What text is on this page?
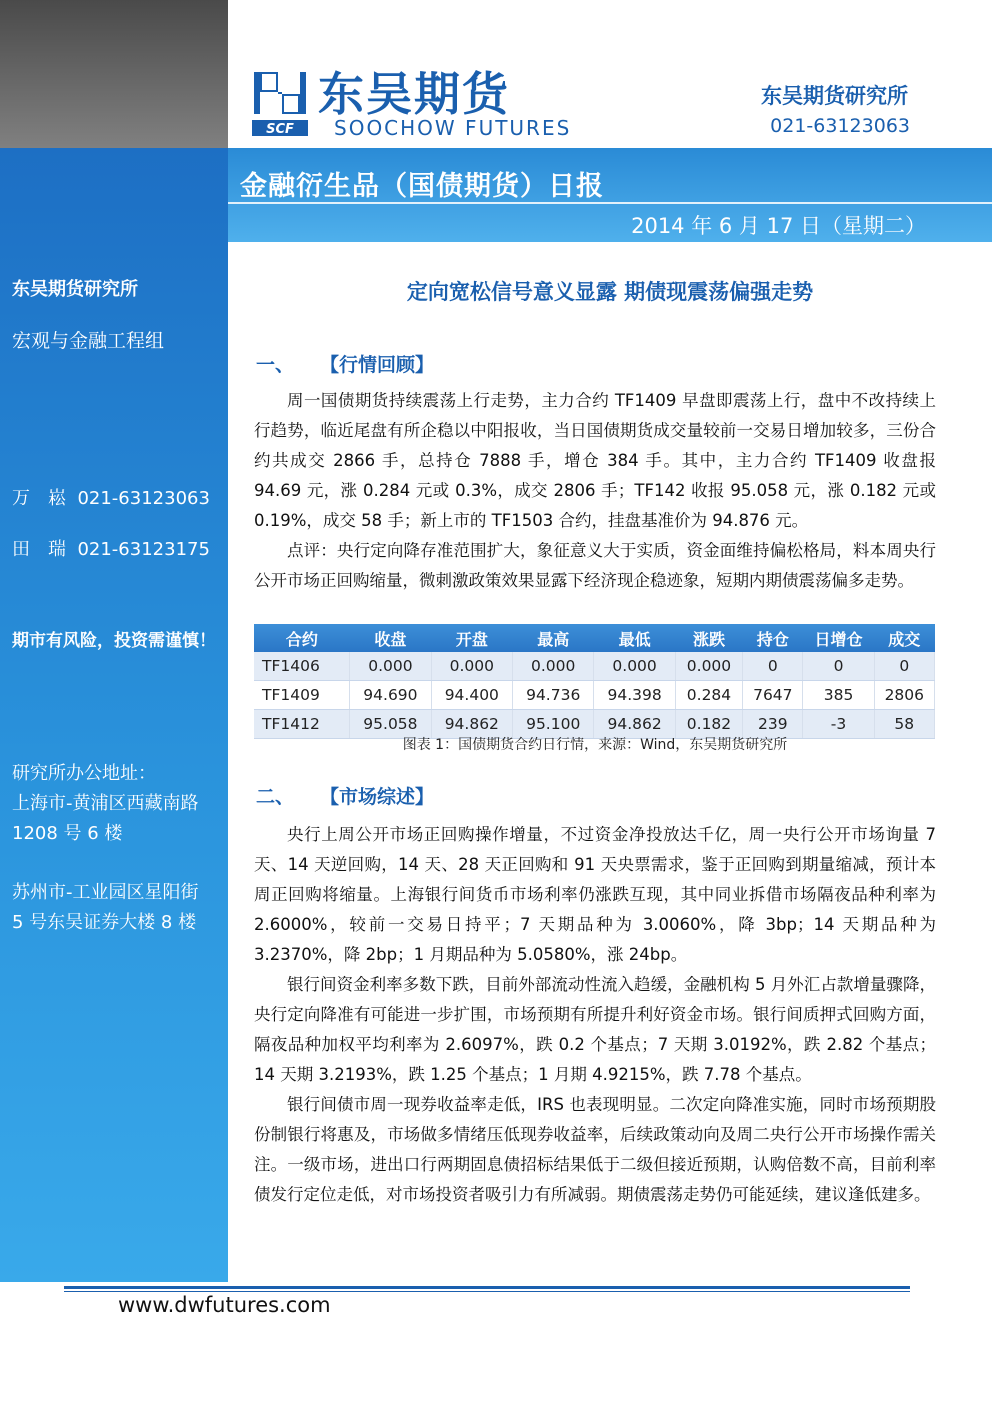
SCF
东吴期货
SOOCHOW FUTURES
东吴期货研究所
021-63123063
金融衍生品（国债期货）日报
2014 年 6 月 17 日（星期二）
东吴期货研究所
宏观与金融工程组
万　崧 021-63123063
田　瑞 021-63123175
期市有风险，投资需谨慎！
研究所办公地址：
上海市-黄浦区西藏南路
1208 号 6 楼
苏州市-工业园区星阳街
5 号东吴证券大楼 8 楼
定向宽松信号意义显露 期债现震荡偏强走势
一、 【行情回顾】

周一国债期货持续震荡上行走势，主力合约 TF1409 早盘即震荡上行，盘中不改持续上行趋势，临近尾盘有所企稳以中阳报收，当日国债期货成交量较前一交易日增加较多，三份合约共成交 2866 手，总持仓 7888 手，增仓 384 手。其中，主力合约 TF1409 收盘报 94.69 元，涨 0.284 元或 0.3%，成交 2806 手；TF142 收报 95.058 元，涨 0.182 元或 0.19%，成交 58 手；新上市的 TF1503 合约，挂盘基准价为 94.876 元。

点评：央行定向降存准范围扩大，象征意义大于实质，资金面维持偏松格局，料本周央行公开市场正回购缩量，微刺激政策效果显露下经济现企稳迹象，短期内期债震荡偏多走势。

合约	收盘	开盘	最高	最低	涨跌	持仓	日增仓	成交
TF1406	0.000	0.000	0.000	0.000	0.000	0	0	0
TF1409	94.690	94.400	94.736	94.398	0.284	7647	385	2806
TF1412	95.058	94.862	95.100	94.862	0.182	239	-3	58
图表 1：国债期货合约日行情，来源：Wind，东吴期货研究所
二、 【市场综述】

央行上周公开市场正回购操作增量，不过资金净投放达千亿，周一央行公开市场询量 7 天、14 天逆回购，14 天、28 天正回购和 91 天央票需求，鉴于正回购到期量缩减，预计本周正回购将缩量。上海银行间货币市场利率仍涨跌互现，其中同业拆借市场隔夜品种利率为 2.6000%，较前一交易日持平；7 天期品种为 3.0060%，降 3bp；14 天期品种为 3.2370%，降 2bp；1 月期品种为 5.0580%，涨 24bp。

银行间资金利率多数下跌，目前外部流动性流入趋缓，金融机构 5 月外汇占款增量骤降，央行定向降准有可能进一步扩围，市场预期有所提升利好资金市场。银行间质押式回购方面，隔夜品种加权平均利率为 2.6097%，跌 0.2 个基点；7 天期 3.0192%，跌 2.82 个基点；14 天期 3.2193%，跌 1.25 个基点；1 月期 4.9215%，跌 7.78 个基点。

银行间债市周一现券收益率走低，IRS 也表现明显。二次定向降准实施，同时市场预期股份制银行将惠及，市场做多情绪压低现券收益率，后续政策动向及周二央行公开市场操作需关注。一级市场，进出口行两期固息债招标结果低于二级但接近预期，认购倍数不高，目前利率债发行定位走低，对市场投资者吸引力有所减弱。期债震荡走势仍可能延续，建议逢低建多。

www.dwfutures.com
